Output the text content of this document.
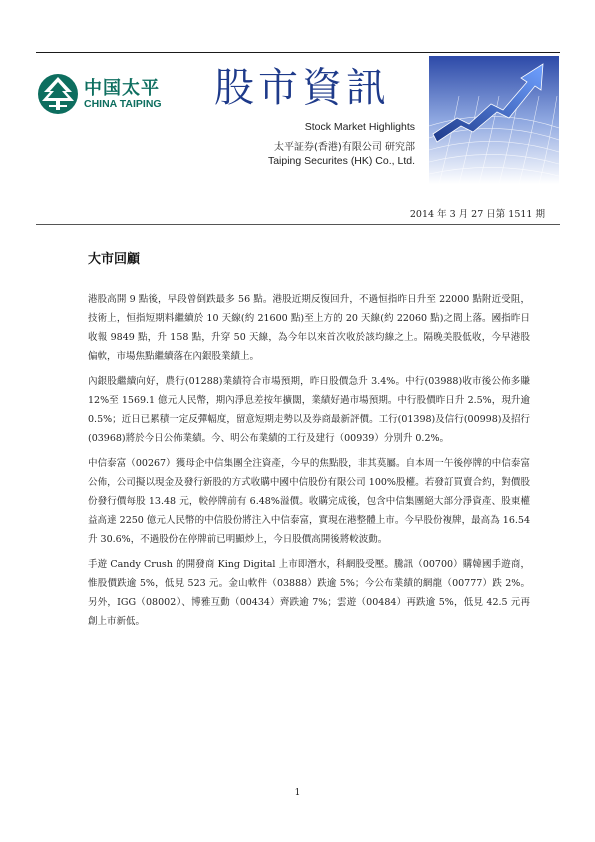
中国太平
CHINA TAIPING 股市資訊
Stock Market Highlights
太平証券(香港)有限公司 研究部
Taiping Securites (HK) Co., Ltd.
2014 年 3 月 27 日第 1511 期
大市回顧

港股高開 9 點後，早段曾倒跌最多 56 點。港股近期反復回升，不過恒指昨日升至 22000 點附近受阻，技術上，恒指短期料繼續於 10 天線(約 21600 點)至上方的 20 天線(約 22060 點)之間上落。國指昨日收報 9849 點，升 158 點，升穿 50 天線，為今年以來首次收於該均線之上。隔晚美股低收，今早港股偏軟，市場焦點繼續落在內銀股業績上。

內銀股繼續向好，農行(01288)業績符合市場預期，昨日股價急升 3.4%。中行(03988)收市後公佈多賺 12%至 1569.1 億元人民幣，期內淨息差按年擴闊，業績好過市場預期。中行股價昨日升 2.5%，現升逾 0.5%；近日已累積一定反彈幅度，留意短期走勢以及券商最新評價。工行(01398)及信行(00998)及招行(03968)將於今日公佈業績。今、明公布業績的工行及建行（00939）分別升 0.2%。

中信泰富（00267）獲母企中信集團全注資產，今早的焦點股，非其莫屬。自本周一午後停牌的中信泰富公佈，公司擬以現金及發行新股的方式收購中國中信股份有限公司 100%股權。若發訂買賣合約，對價股份發行價每股 13.48 元，較停牌前有 6.48%溢價。收購完成後，包含中信集團絕大部分淨資產、股東權益高達 2250 億元人民幣的中信股份將注入中信泰富，實現在港整體上市。今早股份複牌，最高為 16.54 升 30.6%，不過股份在停牌前已明顯炒上，今日股價高開後將較波動。

手遊 Candy Crush 的開發商 King Digital 上市即潛水，科網股受壓。騰訊（00700）購韓國手遊商，惟股價跌逾 5%，低見 523 元。金山軟件（03888）跌逾 5%；今公布業績的網龍（00777）跌 2%。另外，IGG（08002）、博雅互動（00434）齊跌逾 7%；雲遊（00484）再跌逾 5%，低見 42.5 元再創上市新低。

1
